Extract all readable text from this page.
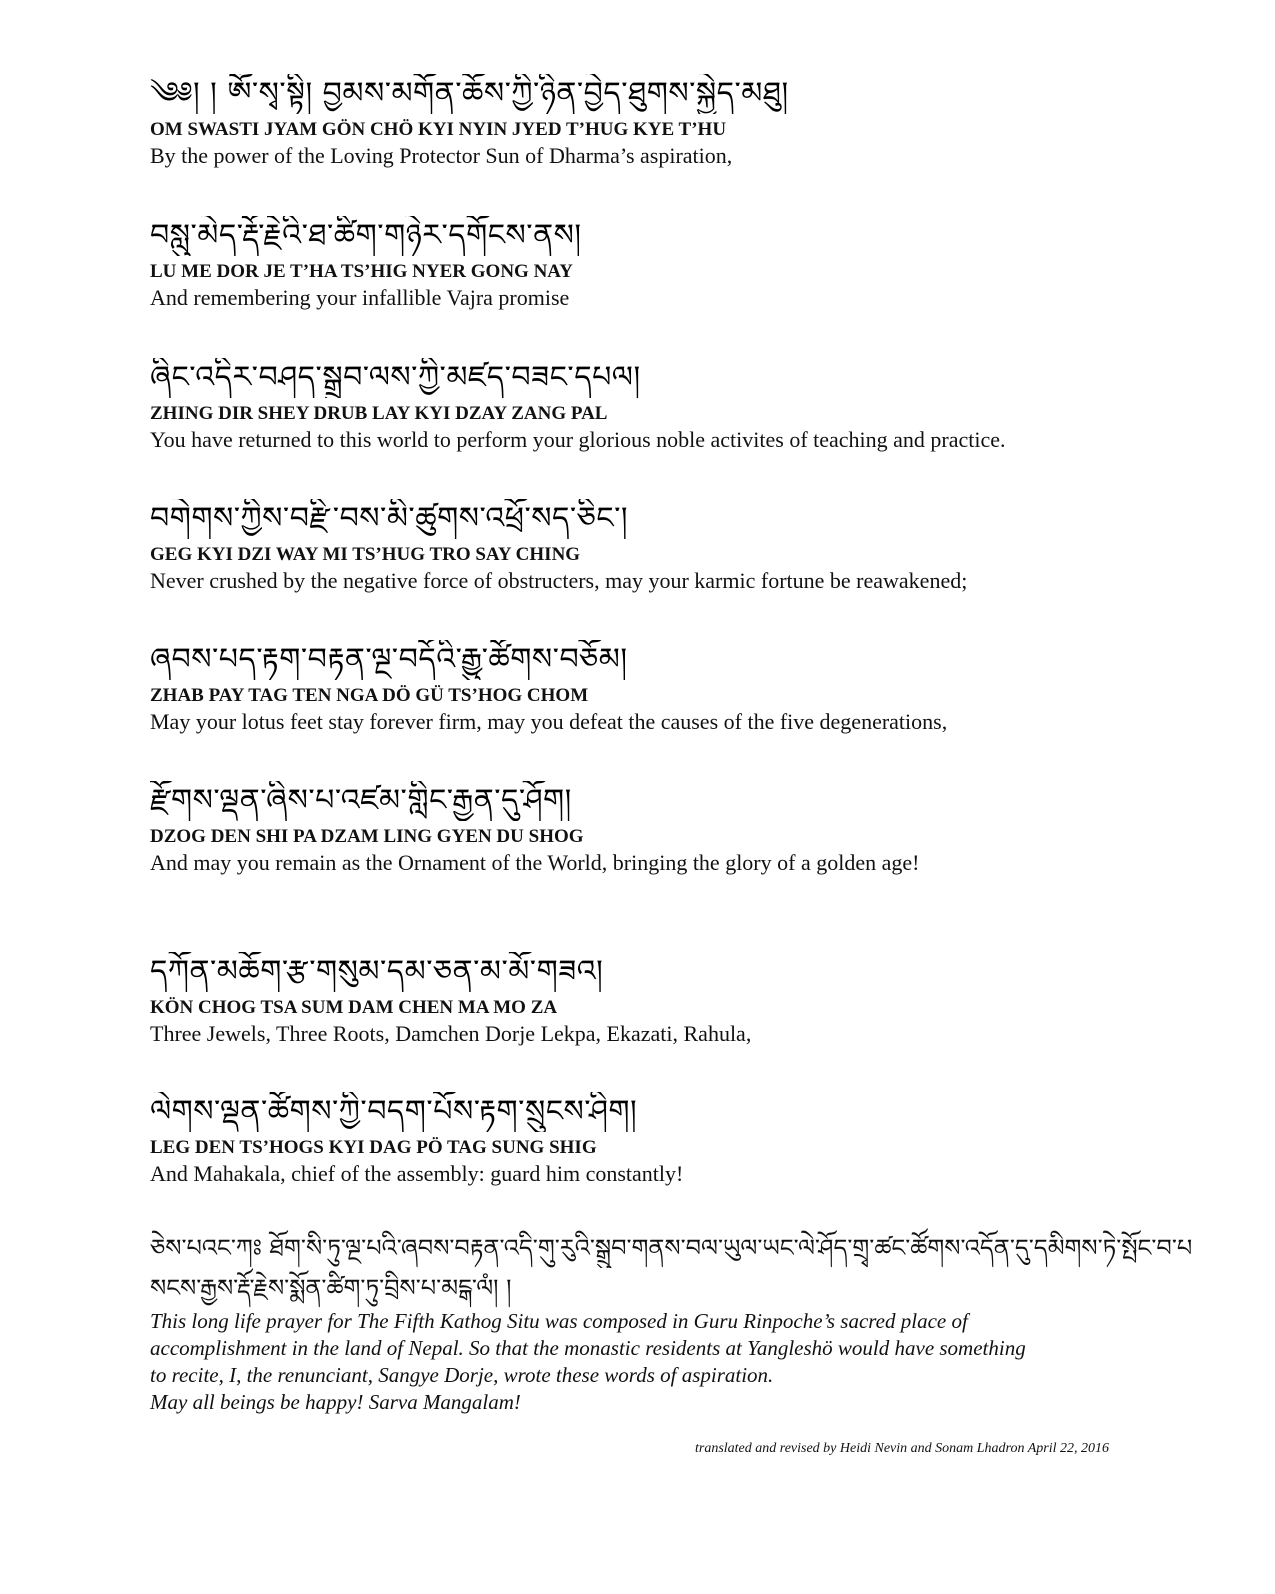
༄༅། ། ཨོཾ་སྭ་སྟི། བྱམས་མགོན་ཆོས་ཀྱི་ཉིན་བྱེད་ཐུགས་སྐྱེད་མཐུ།
OM SWASTI JYAM GÖN CHÖ KYI NYIN JYED T’HUG KYE T’HU
By the power of the Loving Protector Sun of Dharma’s aspiration,
བསླུ་མེད་རྡོ་རྗེའི་ཐ་ཚིག་གཉེར་དགོངས་ནས།
LU ME DOR JE T’HA TS’HIG NYER GONG NAY
And remembering your infallible Vajra promise
ཞིང་འདིར་བཤད་སྒྲུབ་ལས་ཀྱི་མཛད་བཟང་དཔལ།
ZHING DIR SHEY DRUB LAY KYI DZAY ZANG PAL
You have returned to this world to perform your glorious noble activites of teaching and practice.
བགེགས་ཀྱིས་བརྫི་བས་མི་ཚུགས་འཕྲོ་སད་ཅིང་།
GEG KYI DZI WAY MI TS’HUG TRO SAY CHING
Never crushed by the negative force of obstructers, may your karmic fortune be reawakened;
ཞབས་པད་རྟག་བརྟན་ལྔ་བདོའི་རྒྱུ་ཚོགས་བཅོམ།
ZHAB PAY TAG TEN NGA DÖ GÜ TS’HOG CHOM
May your lotus feet stay forever firm, may you defeat the causes of the five degenerations,
རྫོགས་ལྡན་ཞིས་པ་འཛམ་གླིང་རྒྱན་དུ་ཤོག།
DZOG DEN SHI PA DZAM LING GYEN DU SHOG
And may you remain as the Ornament of the World, bringing the glory of a golden age!
དཀོན་མཆོག་རྩ་གསུམ་དམ་ཅན་མ་མོ་གཟའ།
KÖN CHOG TSA SUM DAM CHEN MA MO ZA
Three Jewels, Three Roots, Damchen Dorje Lekpa, Ekazati, Rahula,
ལེགས་ལྡན་ཚོགས་ཀྱི་བདག་པོས་རྟག་སྲུངས་ཤིག།
LEG DEN TS’HOGS KYI DAG PÖ TAG SUNG SHIG
And Mahakala, chief of the assembly: guard him constantly!
ཅེས་པའང་ཀཿ ཐོག་སི་ཏུ་ལྔ་པའི་ཞབས་བརྟན་འདི་གུ་རུའི་སྒྲུབ་གནས་བལ་ཡུལ་ཡང་ལེ་ཤོད་གྲྭ་ཚང་ཚོགས་འདོན་དུ་དམིགས་ཏེ་སྤོང་བ་པ
སངས་རྒྱས་རྡོ་རྗེས་སྨོན་ཚིག་ཏུ་བྲིས་པ་མངྒ་ལཾ། །

This long life prayer for The Fifth Kathog Situ was composed in Guru Rinpoche’s sacred place of

accomplishment in the land of Nepal. So that the monastic residents at Yangleshö would have something

to recite, I, the renunciant, Sangye Dorje, wrote these words of aspiration.

May all beings be happy! Sarva Mangalam!

translated and revised by Heidi Nevin and Sonam Lhadron April 22, 2016
